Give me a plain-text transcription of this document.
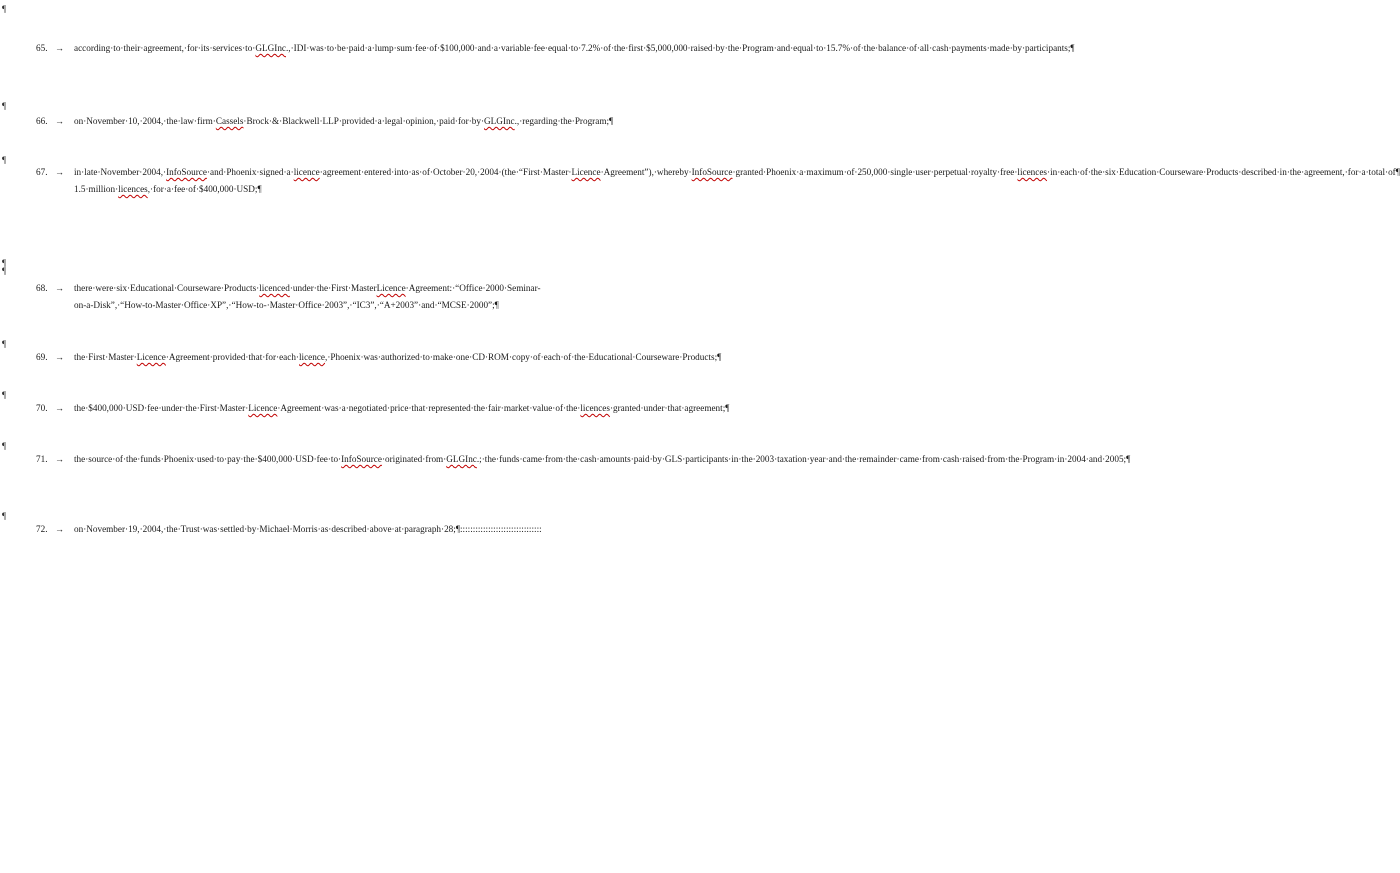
¶
65. → according·to·their·agreement,·for·its·services·to·GLGInc.,·IDI·was·to·be·paid·a·lump·sum·fee·of·$100,000·and·a·variable·fee·equal·to·7.2%·of·the·first·$5,000,000·raised·by·the·Program·and·equal·to·15.7%·of·the·balance·of·all·cash·payments·made·by·participants;¶
¶
66. → on·November·10,·2004,·the·law·firm·Cassels·Brock·&·Blackwell·LLP·provided·a·legal·opinion,·paid·for·by·GLGInc.,·regarding·the·Program;¶
¶
67. → in·late·November·2004,·InfoSource·and·Phoenix·signed·a·licence·agreement·entered·into·as·of·October·20,·2004·(the·“First·Master·Licence·Agreement”),·whereby·InfoSource·granted·Phoenix·a·maximum·of·250,000·single·user·perpetual·royalty·free·licences·in·each·of·the·six·Education·Courseware·Products·described·in·the·agreement,·for·a·total·of¶
1.5·million·licences,·for·a·fee·of·$400,000·USD;¶
¶
¶
68. → there·were·six·Educational·Courseware·Products·licenced·under·the·First·MasterLicence·Agreement:·“Office·2000·Seminar-on-a-Disk”,·“How-to-Master·Office·XP”,·“How-to-·Master·Office·2003”,·“IC3”,·“A+2003”·and·“MCSE·2000”;¶
¶
69. → the·First·Master·Licence·Agreement·provided·that·for·each·licence,·Phoenix·was·authorized·to·make·one·CD·ROM·copy·of·each·of·the·Educational·Courseware·Products;¶
¶
70. → the·$400,000·USD·fee·under·the·First·Master·Licence·Agreement·was·a·negotiated·price·that·represented·the·fair·market·value·of·the·licences·granted·under·that·agreement;¶
¶
71. → the·source·of·the·funds·Phoenix·used·to·pay·the·$400,000·USD·fee·to·InfoSource·originated·from·GLGInc.;·the·funds·came·from·the·cash·amounts·paid·by·GLS·participants·in·the·2003·taxation·year·and·the·remainder·came·from·cash·raised·from·the·Program·in·2004·and·2005;¶
¶
72. → on·November·19,·2004,·the·Trust·was·settled·by·Michael·Morris·as·described·above·at·paragraph·28;¶::::::::::::::::::::::::::::::::
